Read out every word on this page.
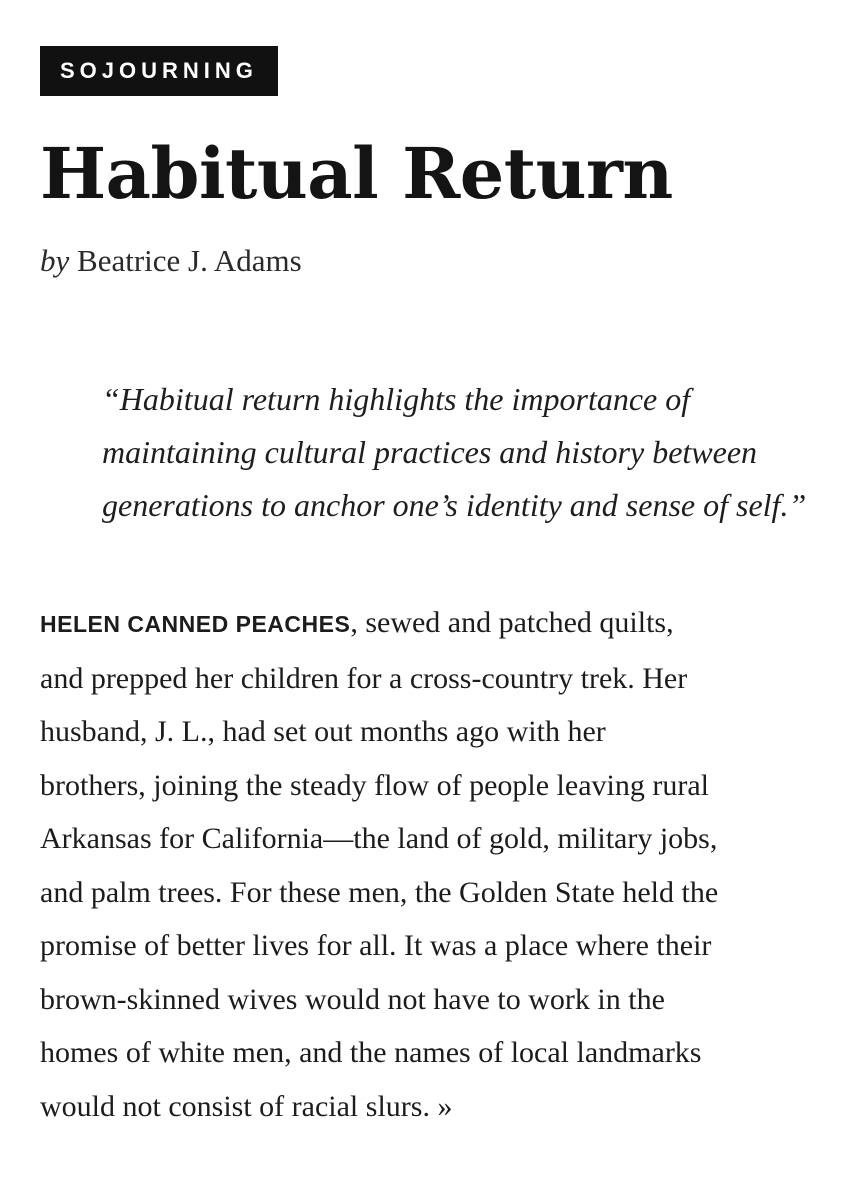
SOJOURNING
Habitual Return
by Beatrice J. Adams

“Habitual return highlights the importance of

maintaining cultural practices and history between

generations to anchor one’s identity and sense of self.”

HELEN CANNED PEACHES, sewed and patched quilts,

and prepped her children for a cross-country trek. Her

husband, J. L., had set out months ago with her

brothers, joining the steady flow of people leaving rural

Arkansas for California—the land of gold, military jobs,

and palm trees. For these men, the Golden State held the

promise of better lives for all. It was a place where their

brown-skinned wives would not have to work in the

homes of white men, and the names of local landmarks

would not consist of racial slurs. »
